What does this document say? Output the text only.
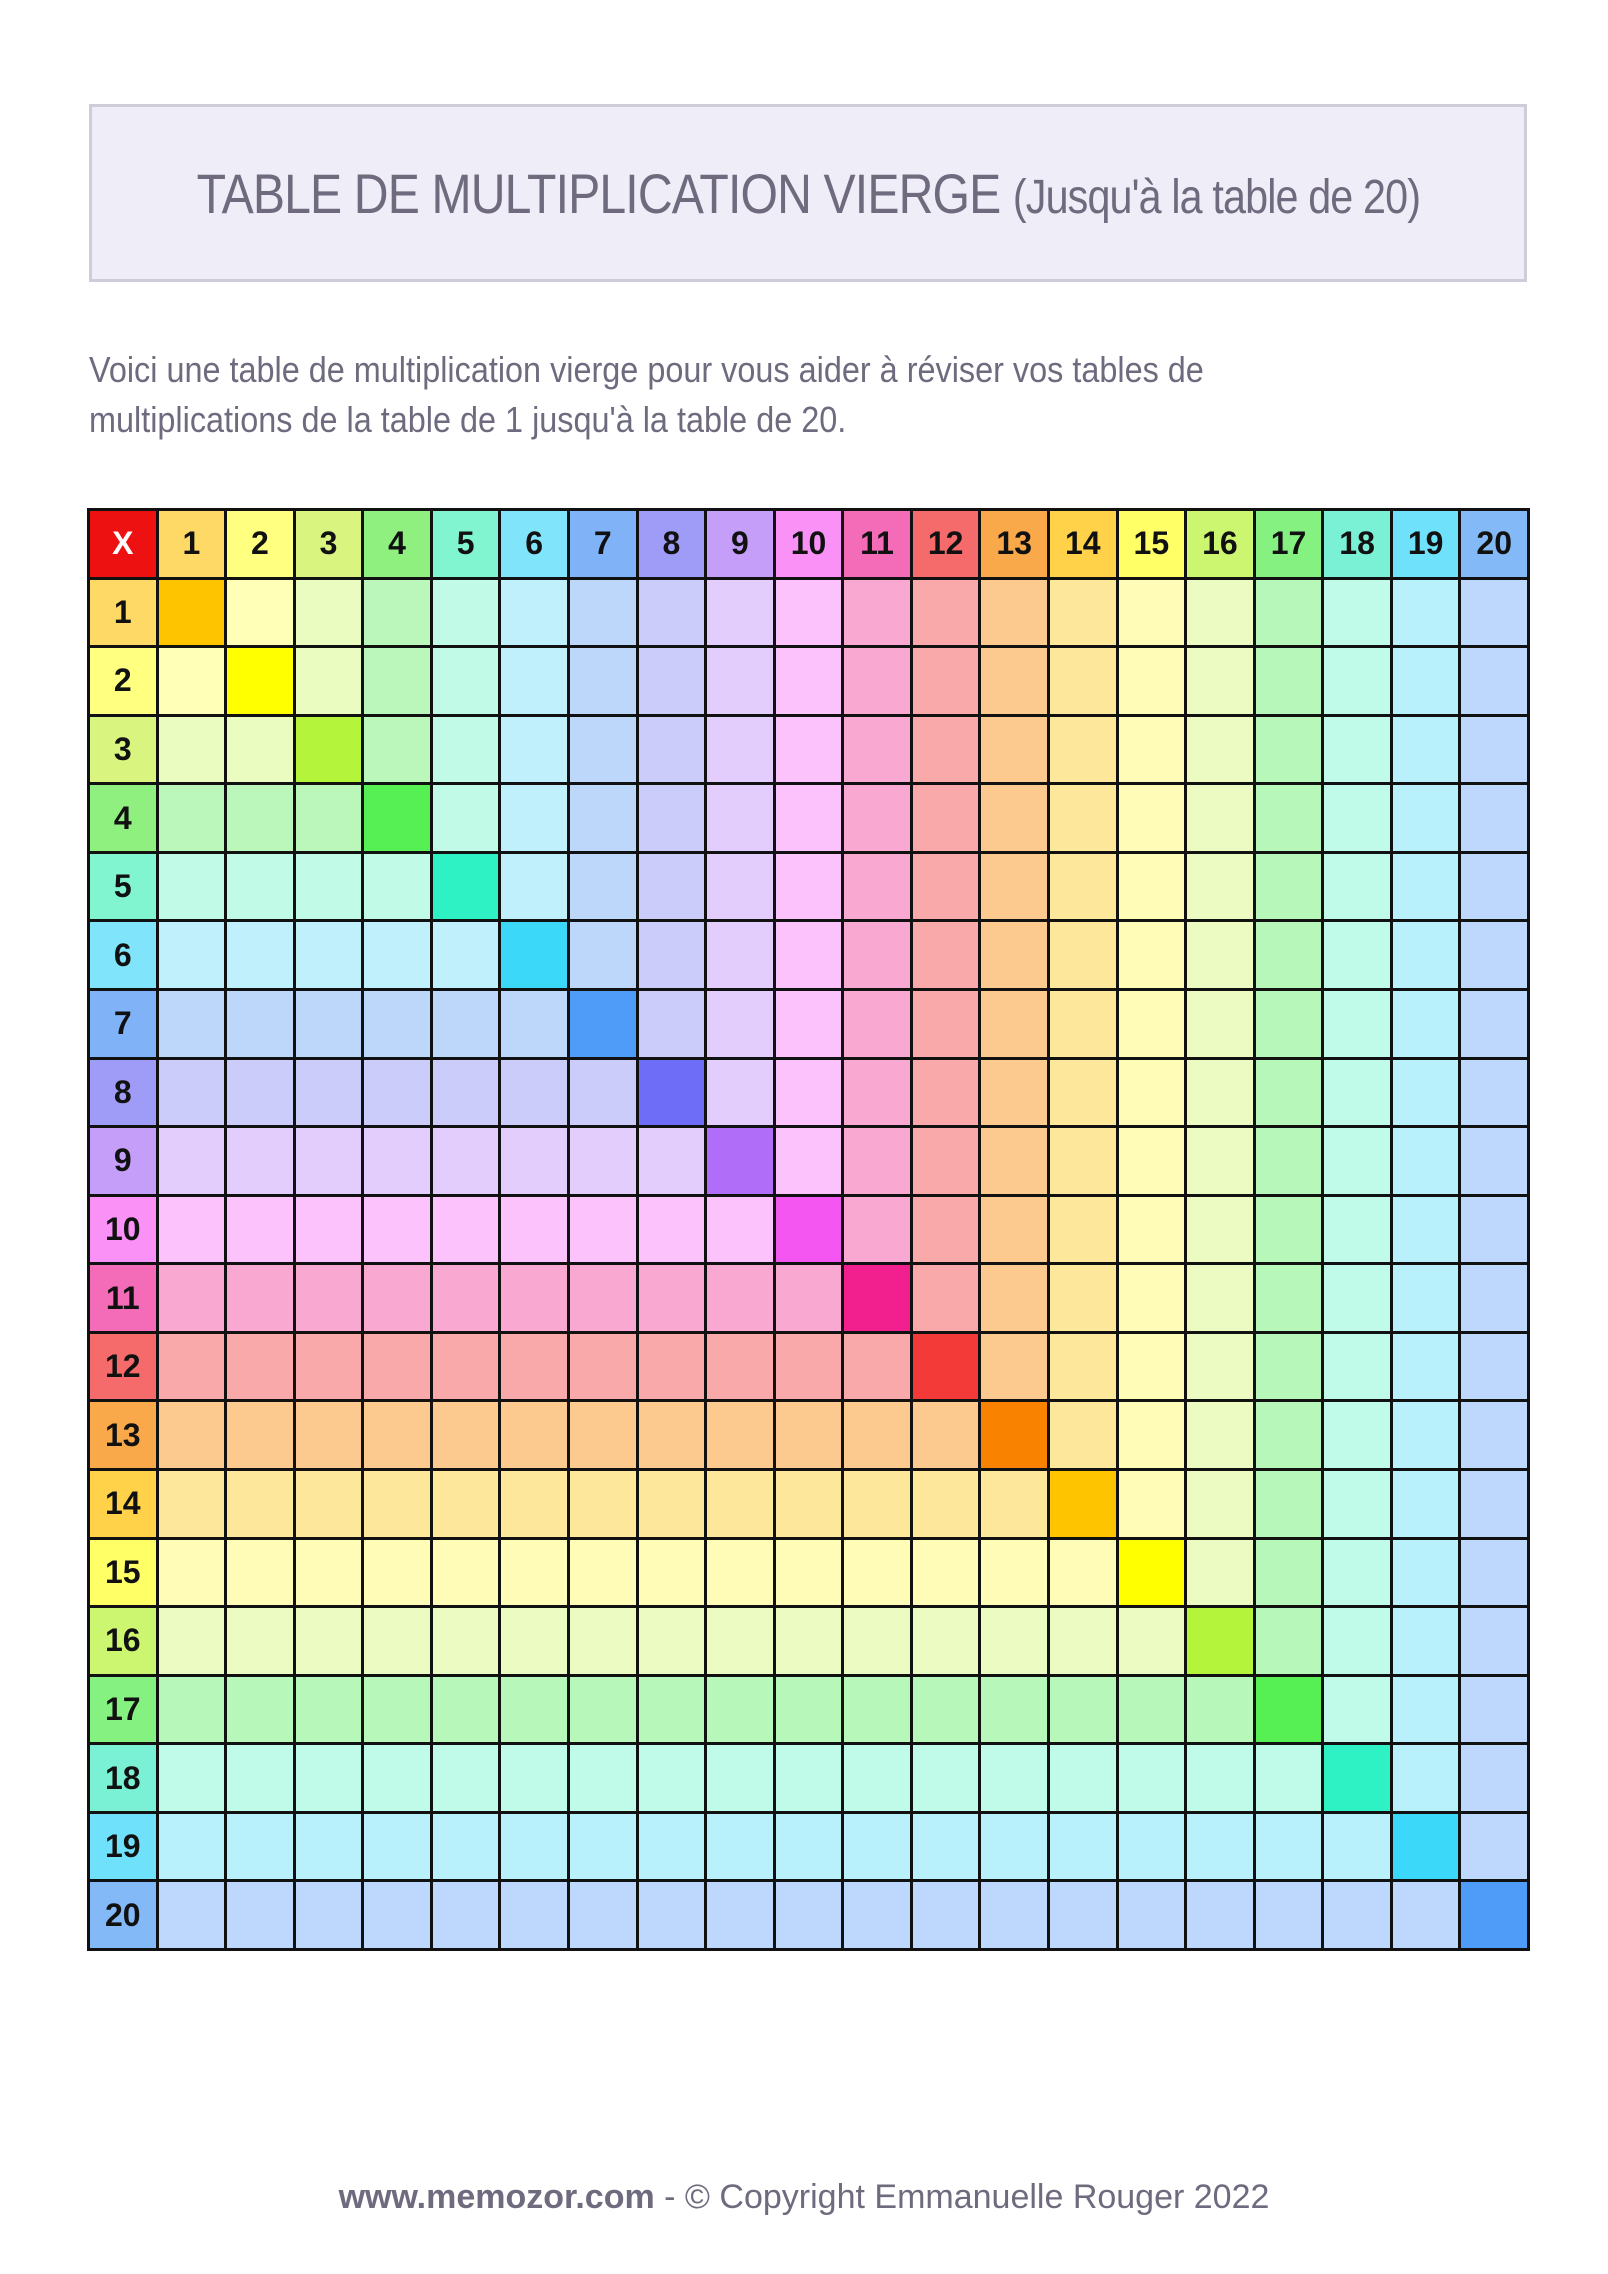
TABLE DE MULTIPLICATION VIERGE (Jusqu'à la table de 20)
Voici une table de multiplication vierge pour vous aider à réviser vos tables de multiplications de la table de 1 jusqu'à la table de 20.
X	1	2	3	4	5	6	7	8	9	10	11	12	13	14	15	16	17	18	19	20
1
2
3
4
5
6
7
8
9
10
11
12
13
14
15
16
17
18
19
20
www.memozor.com - © Copyright Emmanuelle Rouger 2022
